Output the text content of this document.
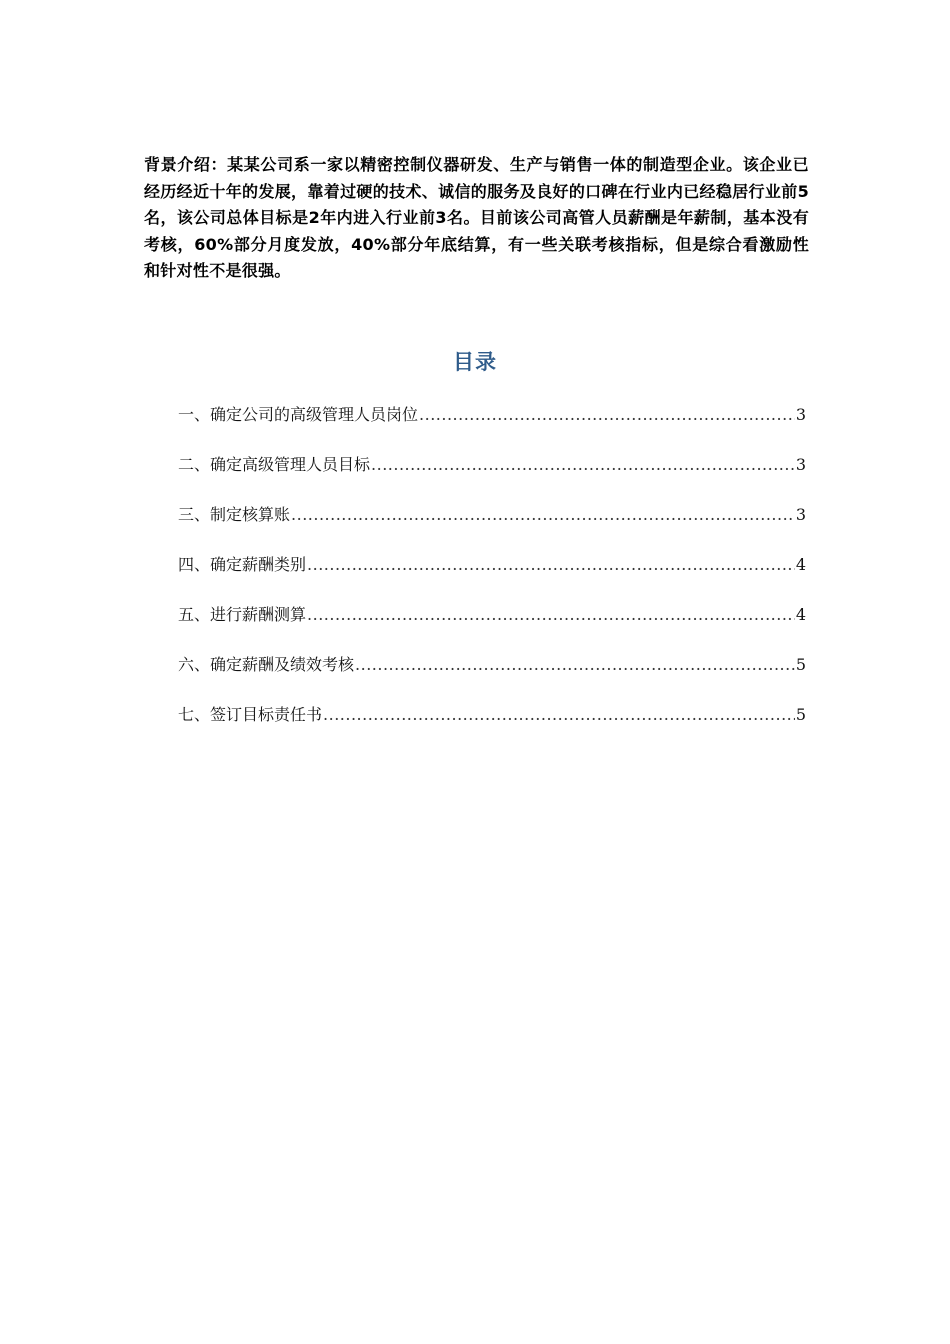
背景介绍：某某公司系一家以精密控制仪器研发、生产与销售一体的制造型企业。该企业已经历经近十年的发展，靠着过硬的技术、诚信的服务及良好的口碑在行业内已经稳居行业前5名，该公司总体目标是2年内进入行业前3名。目前该公司高管人员薪酬是年薪制，基本没有考核，60%部分月度发放，40%部分年底结算，有一些关联考核指标，但是综合看激励性和针对性不是很强。

目录
一、确定公司的高级管理人员岗位 .....	3
二、确定高级管理人员目标 .....	3
三、制定核算账 .....	3
四、确定薪酬类别 .....	4
五、进行薪酬测算 .....	4
六、确定薪酬及绩效考核 .....	5
七、签订目标责任书 .....	5
